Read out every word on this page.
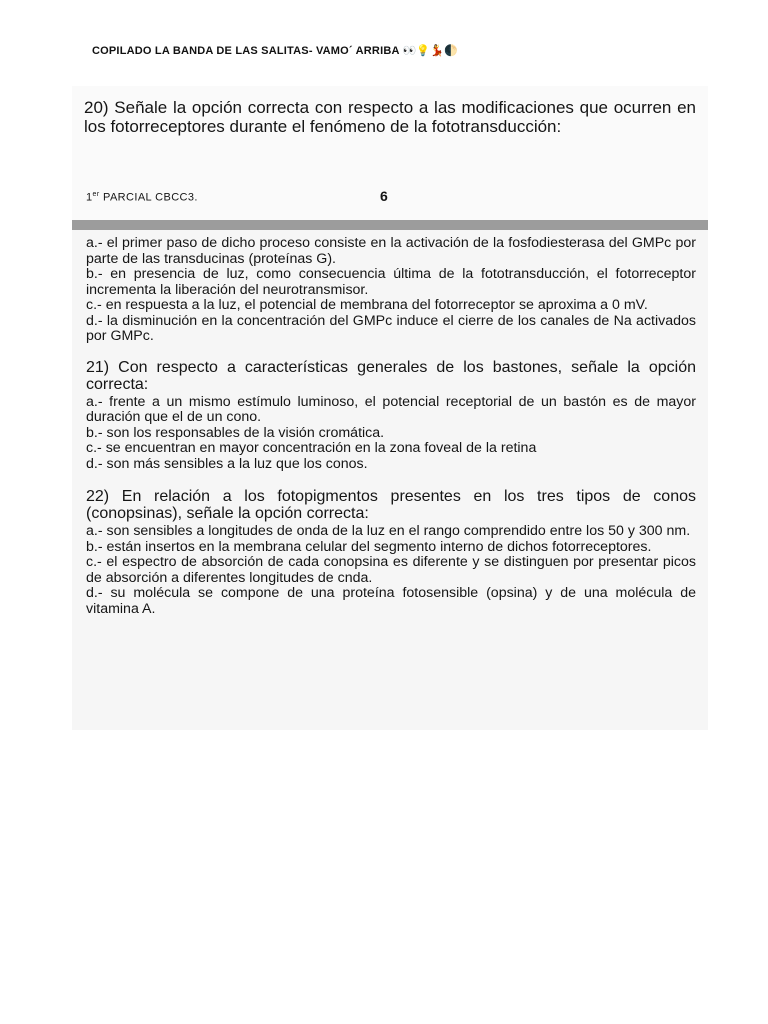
COPILADO LA BANDA DE LAS SALITAS- VAMO´ ARRIBA 👀💡💃🌓

20) Señale la opción correcta con respecto a las modificaciones que ocurren en los fotorreceptores durante el fenómeno de la fototransducción:

1er PARCIAL CBCC3.	6

a.- el primer paso de dicho proceso consiste en la activación de la fosfodiesterasa del GMPc por parte de las transducinas (proteínas G).

b.- en presencia de luz, como consecuencia última de la fototransducción, el fotorreceptor incrementa la liberación del neurotransmisor.

c.- en respuesta a la luz, el potencial de membrana del fotorreceptor se aproxima a 0 mV.

d.- la disminución en la concentración del GMPc induce el cierre de los canales de Na activados por GMPc.

21) Con respecto a características generales de los bastones, señale la opción correcta:

a.- frente a un mismo estímulo luminoso, el potencial receptorial de un bastón es de mayor duración que el de un cono.

b.- son los responsables de la visión cromática.

c.- se encuentran en mayor concentración en la zona foveal de la retina

d.- son más sensibles a la luz que los conos.

22) En relación a los fotopigmentos presentes en los tres tipos de conos (conopsinas), señale la opción correcta:

a.- son sensibles a longitudes de onda de la luz en el rango comprendido entre los 50 y 300 nm.

b.- están insertos en la membrana celular del segmento interno de dichos fotorreceptores.

c.- el espectro de absorción de cada conopsina es diferente y se distinguen por presentar picos de absorción a diferentes longitudes de cnda.

d.- su molécula se compone de una proteína fotosensible (opsina) y de una molécula de vitamina A.
